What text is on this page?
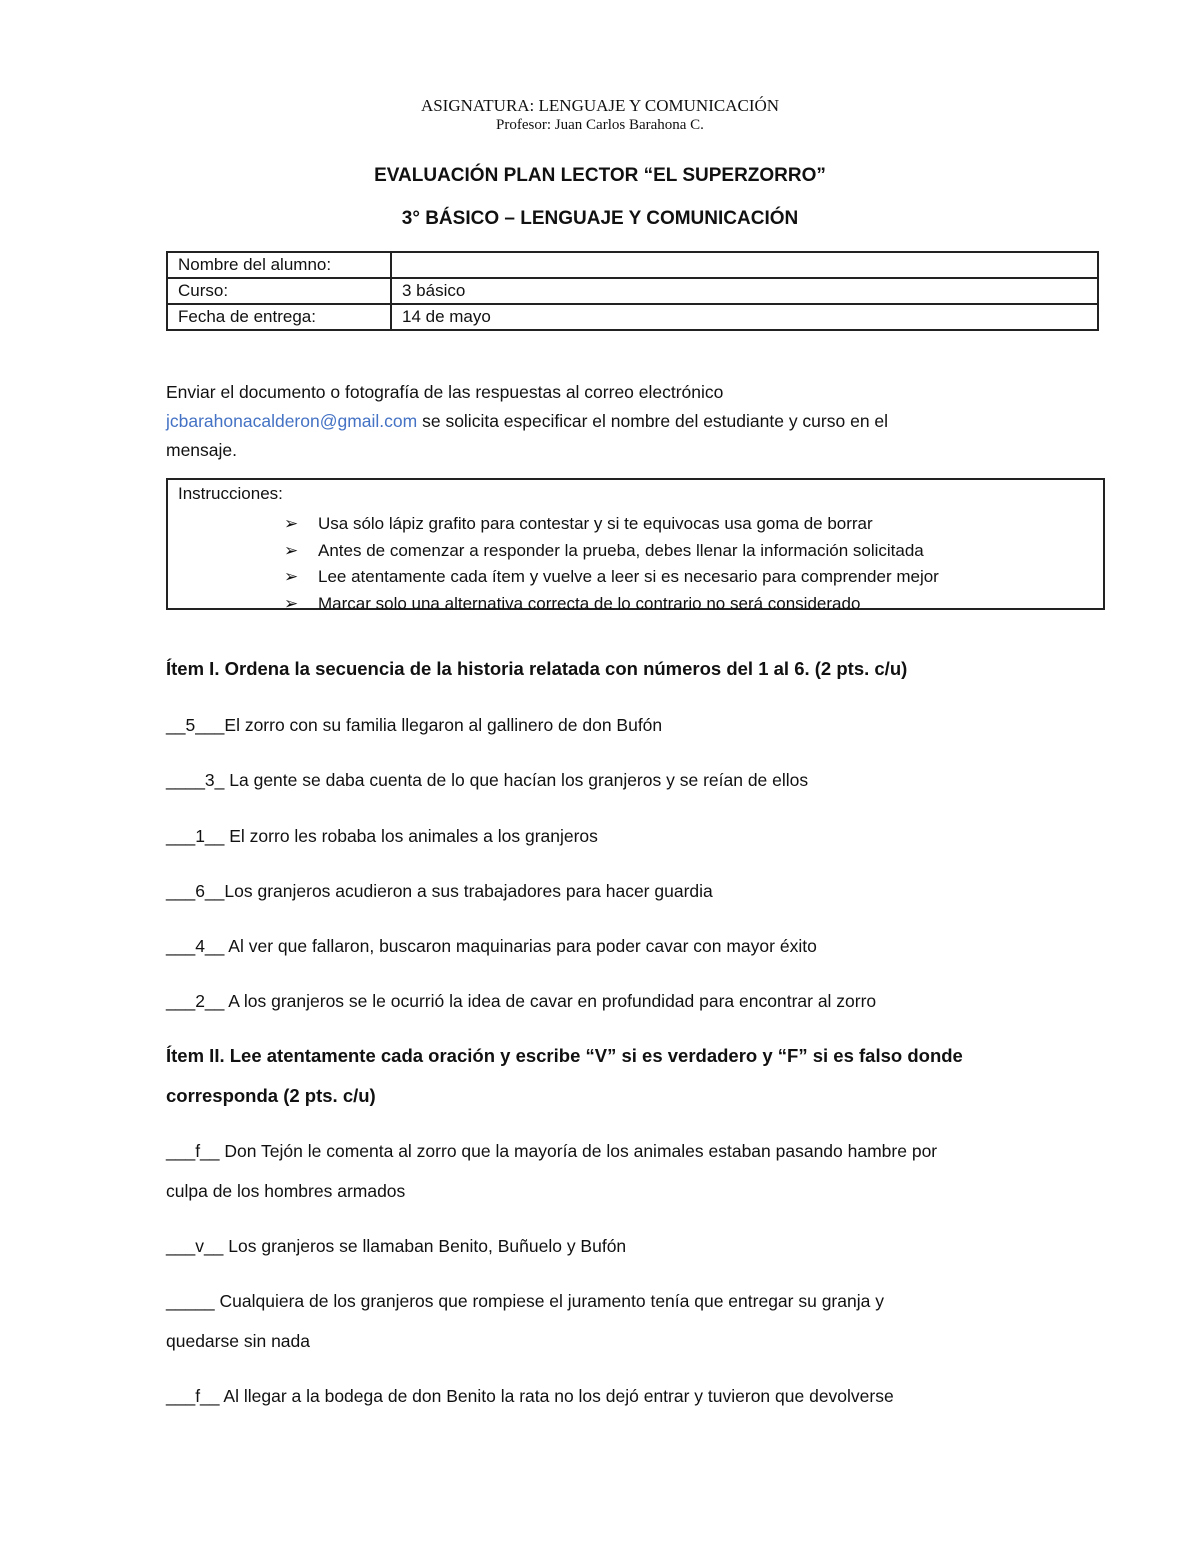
ASIGNATURA: LENGUAJE Y COMUNICACIÓN
Profesor: Juan Carlos Barahona C.
EVALUACIÓN PLAN LECTOR “EL SUPERZORRO”
3° BÁSICO – LENGUAJE Y COMUNICACIÓN
Nombre del alumno:	
Curso:	3 básico
Fecha de entrega:	14 de mayo
Enviar el documento o fotografía de las respuestas al correo electrónico
jcbarahonacalderon@gmail.com se solicita especificar el nombre del estudiante y curso en el
mensaje.
Instrucciones:
➢ Usa sólo lápiz grafito para contestar y si te equivocas usa goma de borrar
➢ Antes de comenzar a responder la prueba, debes llenar la información solicitada
➢ Lee atentamente cada ítem y vuelve a leer si es necesario para comprender mejor
➢ Marcar solo una alternativa correcta de lo contrario no será considerado
Ítem I. Ordena la secuencia de la historia relatada con números del 1 al 6. (2 pts. c/u)
__5___El zorro con su familia llegaron al gallinero de don Bufón
____3_ La gente se daba cuenta de lo que hacían los granjeros y se reían de ellos
___1__ El zorro les robaba los animales a los granjeros
___6__Los granjeros acudieron a sus trabajadores para hacer guardia
___4__ Al ver que fallaron, buscaron maquinarias para poder cavar con mayor éxito
___2__ A los granjeros se le ocurrió la idea de cavar en profundidad para encontrar al zorro
Ítem II. Lee atentamente cada oración y escribe “V” si es verdadero y “F” si es falso donde
corresponda (2 pts. c/u)
___f__ Don Tejón le comenta al zorro que la mayoría de los animales estaban pasando hambre por
culpa de los hombres armados
___v__ Los granjeros se llamaban Benito, Buñuelo y Bufón
_____ Cualquiera de los granjeros que rompiese el juramento tenía que entregar su granja y
quedarse sin nada
___f__ Al llegar a la bodega de don Benito la rata no los dejó entrar y tuvieron que devolverse
